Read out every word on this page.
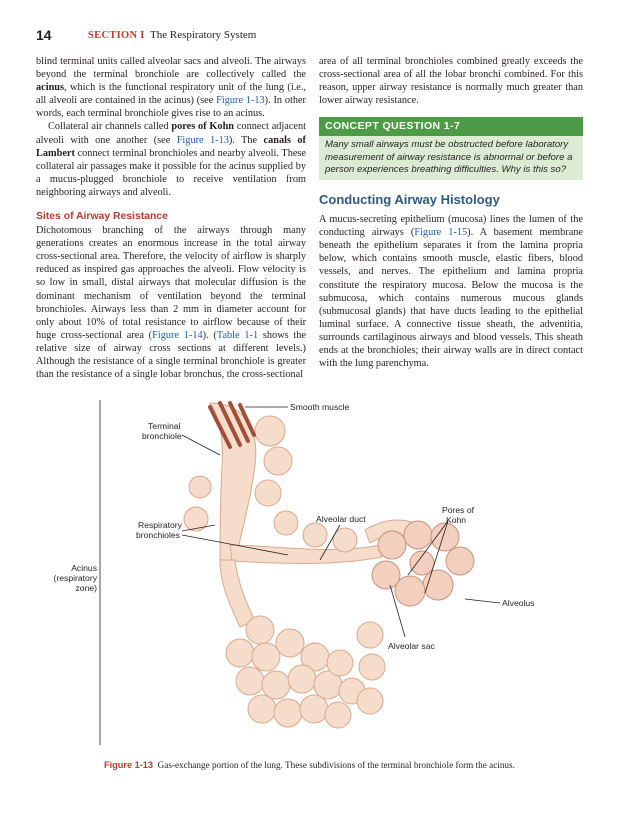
14	SECTION I The Respiratory System

blind terminal units called alveolar sacs and alveoli. The airways beyond the terminal bronchiole are collectively called the acinus, which is the functional respiratory unit of the lung (i.e., all alveoli are contained in the acinus) (see Figure 1-13). In other words, each terminal bronchiole gives rise to an acinus.

Collateral air channels called pores of Kohn connect adjacent alveoli with one another (see Figure 1-13). The canals of Lambert connect terminal bronchioles and nearby alveoli. These collateral air passages make it possible for the acinus supplied by a mucus-plugged bronchiole to receive ventilation from neighboring airways and alveoli.

Sites of Airway Resistance

Dichotomous branching of the airways through many generations creates an enormous increase in the total airway cross-sectional area. Therefore, the velocity of airflow is sharply reduced as inspired gas approaches the alveoli. Flow velocity is so low in small, distal airways that molecular diffusion is the dominant mechanism of ventilation beyond the terminal bronchioles. Airways less than 2 mm in diameter account for only about 10% of total resistance to airflow because of their huge cross-sectional area (Figure 1-14). (Table 1-1 shows the relative size of airway cross sections at different levels.) Although the resistance of a single terminal bronchiole is greater than the resistance of a single lobar bronchus, the cross-sectional

area of all terminal bronchioles combined greatly exceeds the cross-sectional area of all the lobar bronchi combined. For this reason, upper airway resistance is normally much greater than lower airway resistance.

CONCEPT QUESTION 1-7
Many small airways must be obstructed before laboratory measurement of airway resistance is abnormal or before a person experiences breathing difficulties. Why is this so?
Conducting Airway Histology

A mucus-secreting epithelium (mucosa) lines the lumen of the conducting airways (Figure 1-15). A basement membrane beneath the epithelium separates it from the lamina propria below, which contains smooth muscle, elastic fibers, blood vessels, and nerves. The epithelium and lamina propria constitute the respiratory mucosa. Below the mucosa is the submucosa, which contains numerous mucous glands (submucosal glands) that have ducts leading to the epithelial luminal surface. A connective tissue sheath, the adventitia, surrounds cartilaginous airways and blood vessels. This sheath ends at the bronchioles; their airway walls are in direct contact with the lung parenchyma.

Smooth muscle
Terminal
bronchiole
Respiratory
bronchioles
Alveolar duct
Pores of
Kohn
Acinus
(respiratory
zone)
Alveolus
Alveolar sac
Figure 1-13 Gas-exchange portion of the lung. These subdivisions of the terminal bronchiole form the acinus.
